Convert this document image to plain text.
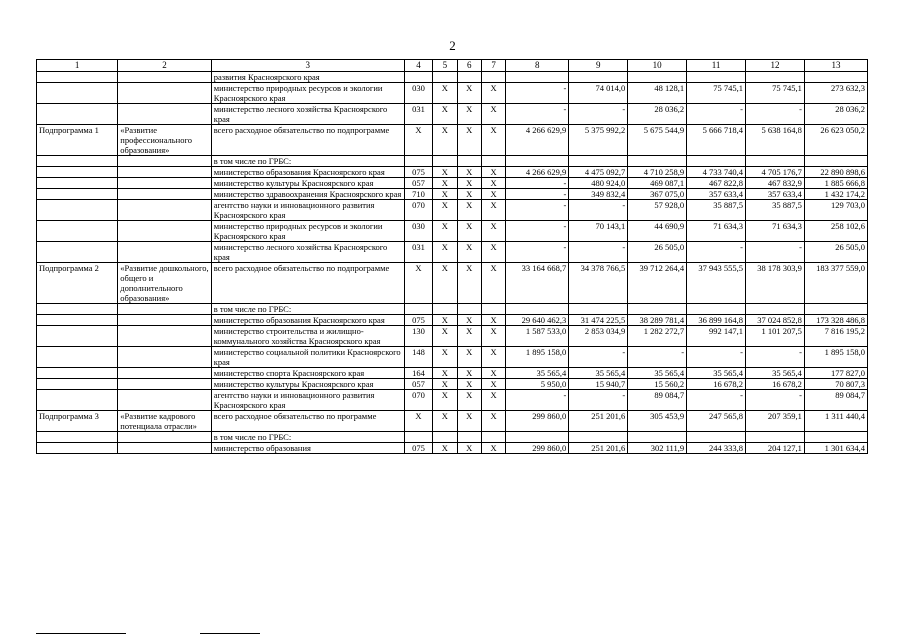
2
1	2	3	4	5	6	7	8	9	10	11	12	13
		развития Красноярского края										
		министерство природных ресурсов и экологии Красноярского края	030	X	X	X	-	74 014,0	48 128,1	75 745,1	75 745,1	273 632,3
		министерство лесного хозяйства Красноярского края	031	X	X	X	-	-	28 036,2	-	-	28 036,2
Подпрограмма 1	«Развитие профессионального образования»	всего расходное обязательство по подпрограмме	X	X	X	X	4 266 629,9	5 375 992,2	5 675 544,9	5 666 718,4	5 638 164,8	26 623 050,2
		в том числе по ГРБС:										
		министерство образования Красноярского края	075	X	X	X	4 266 629,9	4 475 092,7	4 710 258,9	4 733 740,4	4 705 176,7	22 890 898,6
		министерство культуры Красноярского края	057	X	X	X	-	480 924,0	469 087,1	467 822,8	467 832,9	1 885 666,8
		министерство здравоохранения Красноярского края	710	X	X	X	-	349 832,4	367 075,0	357 633,4	357 633,4	1 432 174,2
		агентство науки и инновационного развития Красноярского края	070	X	X	X	-	-	57 928,0	35 887,5	35 887,5	129 703,0
		министерство природных ресурсов и экологии Красноярского края	030	X	X	X	-	70 143,1	44 690,9	71 634,3	71 634,3	258 102,6
		министерство лесного хозяйства Красноярского края	031	X	X	X	-	-	26 505,0	-	-	26 505,0
Подпрограмма 2	«Развитие дошкольного, общего и дополнительного образования»	всего расходное обязательство по подпрограмме	X	X	X	X	33 164 668,7	34 378 766,5	39 712 264,4	37 943 555,5	38 178 303,9	183 377 559,0
		в том числе по ГРБС:										
		министерство образования Красноярского края	075	X	X	X	29 640 462,3	31 474 225,5	38 289 781,4	36 899 164,8	37 024 852,8	173 328 486,8
		министерство строительства и жилищно-коммунального хозяйства Красноярского края	130	X	X	X	1 587 533,0	2 853 034,9	1 282 272,7	992 147,1	1 101 207,5	7 816 195,2
		министерство социальной политики Красноярского края	148	X	X	X	1 895 158,0	-	-	-	-	1 895 158,0
		министерство спорта Красноярского края	164	X	X	X	35 565,4	35 565,4	35 565,4	35 565,4	35 565,4	177 827,0
		министерство культуры Красноярского края	057	X	X	X	5 950,0	15 940,7	15 560,2	16 678,2	16 678,2	70 807,3
		агентство науки и инновационного развития Красноярского края	070	X	X	X	-	-	89 084,7	-	-	89 084,7
Подпрограмма 3	«Развитие кадрового потенциала отрасли»	всего расходное обязательство по программе	X	X	X	X	299 860,0	251 201,6	305 453,9	247 565,8	207 359,1	1 311 440,4
		в том числе по ГРБС:										
		министерство образования	075	X	X	X	299 860,0	251 201,6	302 111,9	244 333,8	204 127,1	1 301 634,4
